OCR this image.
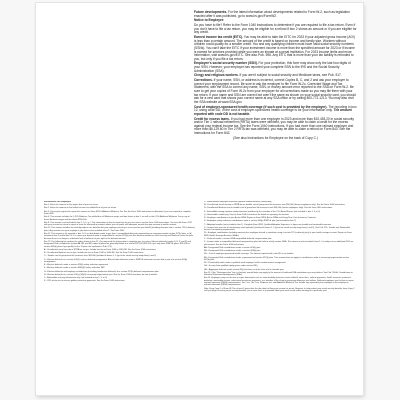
Future developments. For the latest information about developments related to Form W-2, such as legislation enacted after it was published, go to www.irs.gov/FormW2.

Notice to Employee

Do you have to file? Refer to the Form 1040 instructions to determine if you are required to file a tax return. Even if you don't have to file a tax return, you may be eligible for a refund if box 2 shows an amount or if you are eligible for any credit.

Earned income tax credit (EITC). You may be able to take the EITC for 2023 if your adjusted gross income (AGI) is less than a certain amount. The amount of the credit is based on income and family size. Workers without children could qualify for a smaller credit. You and any qualifying children must have valid social security numbers (SSNs). You can't take the EITC if your investment income is more than the specified amount for 2023 or if income is earned for services provided while you were an inmate at a penal institution. For 2023 income limits and more information, visit www.irs.gov/EITC. See also Pub. 596. Any EITC that is more than your tax liability is refunded to you, but only if you file a tax return.

Employee's social security number (SSN). For your protection, this form may show only the last four digits of your SSN. However, your employer has reported your complete SSN to the IRS and the Social Security Administration (SSA).

Clergy and religious workers. If you aren't subject to social security and Medicare taxes, see Pub. 517.

Corrections. If your name, SSN, or address is incorrect, correct Copies B, C, and 2 and ask your employer to correct your employment record. Be sure to ask the employer to file Form W-2c, Corrected Wage and Tax Statement, with the SSA to correct any name, SSN, or money amount error reported to the SSA on Form W-2. Be sure to get your copies of Form W-2c from your employer for all corrections made so you may file them with your tax return. If your name and SSN are correct but aren't the same as shown on your social security card, you should ask for a new card that shows your correct name at any SSA office or by calling 800-772-1213. You may also visit the SSA website at www.SSA.gov.

Cost of employer-sponsored health coverage (if such cost is provided by the employer). The reporting in box 12, using code DD, of the cost of employer-sponsored health coverage is for your information only. The amount reported with code DD is not taxable.

Credit for excess taxes. If you had more than one employer in 2023 and more than $10,453.20 in social security and/or Tier 1 railroad retirement (RRTA) taxes were withheld, you may be able to claim a credit for the excess against your federal income tax. See the Form 1040 instructions. If you had more than one railroad employer and more than $6,129.60 in Tier 2 RRTA tax was withheld, you may be able to claim a refund on Form 843. See the Instructions for Form 843.

(See also Instructions for Employee on the back of Copy C.)

Instructions for Employee

Box 1. Enter this amount on the wages line of your tax return.

Box 2. Enter this amount on the federal income tax withheld line of your tax return.

Box 5. You may be required to report this amount on Form 8959, Additional Medicare Tax. See the Form 1040 instructions to determine if you are required to complete Form 8959.

Box 6. This amount includes the 1.45% Medicare Tax withheld on all Medicare wages and tips shown in box 5, as well as the 0.9% Additional Medicare Tax on any of those Medicare wages and tips above $200,000.

Box 8. This amount is not included in box 1, 3, 5, or 7. For information on how to report tips on your tax return, see the Form 1040 instructions. You must file Form 4137 with your income tax return to report at least the allocated tip amount unless you can prove with adequate records that you received a smaller amount.

Box 10. This amount includes the total dependent care benefits that your employer paid to you or incurred on your behalf (including amounts from a section 125 (cafeteria) plan). Any amount over your employer's plan limit is also included in box 1. See Form 2441.

Box 11. This amount is (a) reported in box 1 if it is a distribution made to you from a nonqualified deferred compensation or nongovernmental section 457(b) plan, or (b) included in box 3 and/or box 5 if it is a prior year deferral under a nonqualified or section 457(b) plan that became taxable for social security and Medicare taxes this year because there is no longer a substantial risk of forfeiture of your right to the deferred amount.

Box 12. The following list explains the codes shown in box 12. You may need this information to complete your tax return. Elective deferrals (codes D, E, F, and S) and designated Roth contributions (codes AA, BB, and EE) under all plans are generally limited to a total of $22,500 ($15,500 if you only have SIMPLE plans; $25,500 for section 403(b) plans if you qualify for the 15-year rule explained in Pub. 571).

A—Uncollected social security or RRTA tax on tips. Include this tax on Form 1040 or 1040-SR. See the Form 1040 instructions.

B—Uncollected Medicare tax on tips. Include this tax on Form 1040 or 1040-SR. See the Form 1040 instructions.

C—Taxable cost of group-term life insurance over $50,000 (included in boxes 1, 3 (up to the social security wage base), and 5)

D—Elective deferrals to a section 401(k) cash or deferred arrangement. Also includes deferrals under a SIMPLE retirement account that is part of a section 401(k) arrangement.

E—Elective deferrals under a section 403(b) salary reduction agreement

F—Elective deferrals under a section 408(k)(6) salary reduction SEP

G—Elective deferrals and employer contributions (including nonelective deferrals) to a section 457(b) deferred compensation plan

H—Elective deferrals to a section 501(c)(18)(D) tax-exempt organization plan. See the Form 1040 instructions for how to deduct.

J—Nontaxable sick pay (information only, not included in box 1, 3, or 5)

K—20% excise tax on excess golden parachute payments. See the Form 1040 instructions.

L—Substantiated employee business expense reimbursements (nontaxable)

M—Uncollected social security or RRTA tax on taxable cost of group-term life insurance over $50,000 (former employees only). See the Form 1040 instructions.

N—Uncollected Medicare tax on taxable cost of group-term life insurance over $50,000 (former employees only). See the Form 1040 instructions.

P—Excludable moving expense reimbursements paid directly to a member of the U.S. Armed Forces (not included in box 1, 3, or 5)

Q—Nontaxable combat pay. See the Form 1040 instructions for details on reporting this amount.

R—Employer contributions to your Archer MSA. Report on Form 8853, Archer MSAs and Long-Term Care Insurance Contracts.

S—Employee salary reduction contributions under a section 408(p) SIMPLE plan (not included in box 1)

T—Adoption benefits (not included in box 1). Complete Form 8839, Qualified Adoption Expenses, to figure any taxable and nontaxable amounts.

V—Income from exercise of nonstatutory stock option(s) (included in boxes 1, 3 (up to the social security wage base), and 5). See Pub. 525, Taxable and Nontaxable Income, for reporting requirements.

W—Employer contributions (including amounts the employee elected to contribute using a section 125 (cafeteria) plan) to your health savings account. Report on Form 8889, Health Savings Accounts (HSAs).

Y—Deferrals under a section 409A nonqualified deferred compensation plan

Z—Income under a nonqualified deferred compensation plan that fails to satisfy section 409A. This amount is also included in box 1. It is subject to an additional 20% tax plus interest. See the Form 1040 instructions.

AA—Designated Roth contributions under a section 401(k) plan

BB—Designated Roth contributions under a section 403(b) plan

DD—Cost of employer-sponsored health coverage. The amount reported with code DD is not taxable.

EE—Designated Roth contributions under a governmental section 457(b) plan. This amount does not apply to contributions under a tax-exempt organization section 457(b) plan.

FF—Permitted benefits under a qualified small employer health reimbursement arrangement

GG—Income from qualified equity grants under section 83(i)

HH—Aggregate deferrals under section 83(i) elections as of the close of the calendar year

Box 13. If the "Retirement plan" box is checked, special limits may apply to the amount of traditional IRA contributions you may deduct. See Pub. 590-A, Contributions to Individual Retirement Arrangements (IRAs).

Box 14. Employers may use this box to report information such as state disability insurance taxes withheld, union dues, uniform payments, health insurance premiums deducted, nontaxable income, educational assistance payments, or a member of the clergy's parsonage allowance and utilities. Railroad employers use this box to report railroad retirement (RRTA) compensation, Tier 1 tax, Tier 2 tax, Medicare tax, and Additional Medicare Tax. Include tips reported by the employee to the employer in railroad retirement (RRTA) compensation.

Note: Keep Copy C of Form W-2 for at least 3 years after the due date for filing your income tax return. However, to help protect your social security benefits, keep Copy C until you begin receiving social security benefits, just in case there is a question about your work record and/or earnings in a particular year.
